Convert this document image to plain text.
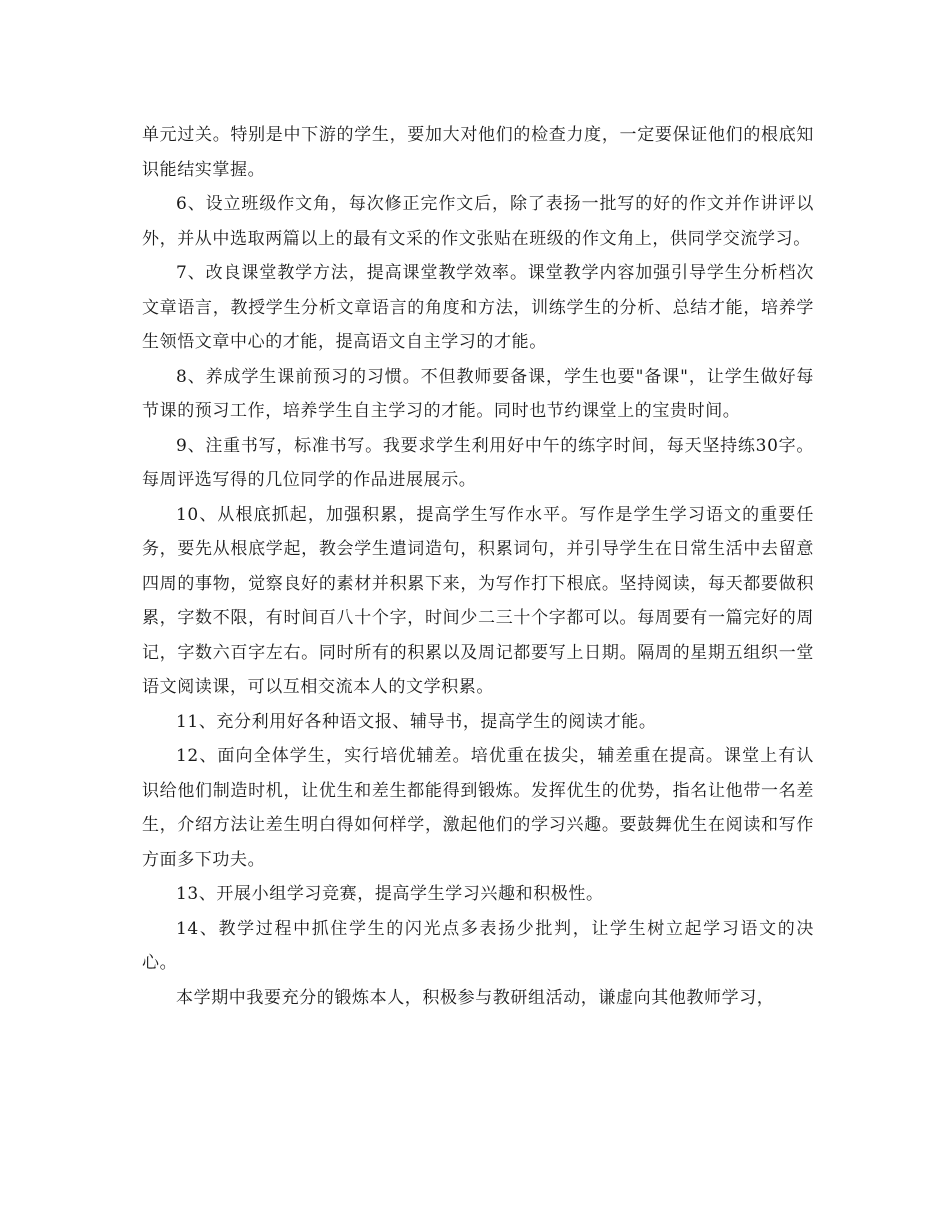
单元过关。特别是中下游的学生，要加大对他们的检查力度，一定要保证他们的根底知识能结实掌握。

6、设立班级作文角，每次修正完作文后，除了表扬一批写的好的作文并作讲评以外，并从中选取两篇以上的最有文采的作文张贴在班级的作文角上，供同学交流学习。

7、改良课堂教学方法，提高课堂教学效率。课堂教学内容加强引导学生分析档次文章语言，教授学生分析文章语言的角度和方法，训练学生的分析、总结才能，培养学生领悟文章中心的才能，提高语文自主学习的才能。

8、养成学生课前预习的习惯。不但教师要备课，学生也要"备课"，让学生做好每节课的预习工作，培养学生自主学习的才能。同时也节约课堂上的宝贵时间。

9、注重书写，标准书写。我要求学生利用好中午的练字时间，每天坚持练30字。每周评选写得的几位同学的作品进展展示。

10、从根底抓起，加强积累，提高学生写作水平。写作是学生学习语文的重要任务，要先从根底学起，教会学生遣词造句，积累词句，并引导学生在日常生活中去留意四周的事物，觉察良好的素材并积累下来，为写作打下根底。坚持阅读，每天都要做积累，字数不限，有时间百八十个字，时间少二三十个字都可以。每周要有一篇完好的周记，字数六百字左右。同时所有的积累以及周记都要写上日期。隔周的星期五组织一堂语文阅读课，可以互相交流本人的文学积累。

11、充分利用好各种语文报、辅导书，提高学生的阅读才能。

12、面向全体学生，实行培优辅差。培优重在拔尖，辅差重在提高。课堂上有认识给他们制造时机，让优生和差生都能得到锻炼。发挥优生的优势，指名让他带一名差生，介绍方法让差生明白得如何样学，激起他们的学习兴趣。要鼓舞优生在阅读和写作方面多下功夫。

13、开展小组学习竞赛，提高学生学习兴趣和积极性。

14、教学过程中抓住学生的闪光点多表扬少批判，让学生树立起学习语文的决心。

本学期中我要充分的锻炼本人，积极参与教研组活动，谦虚向其他教师学习，
